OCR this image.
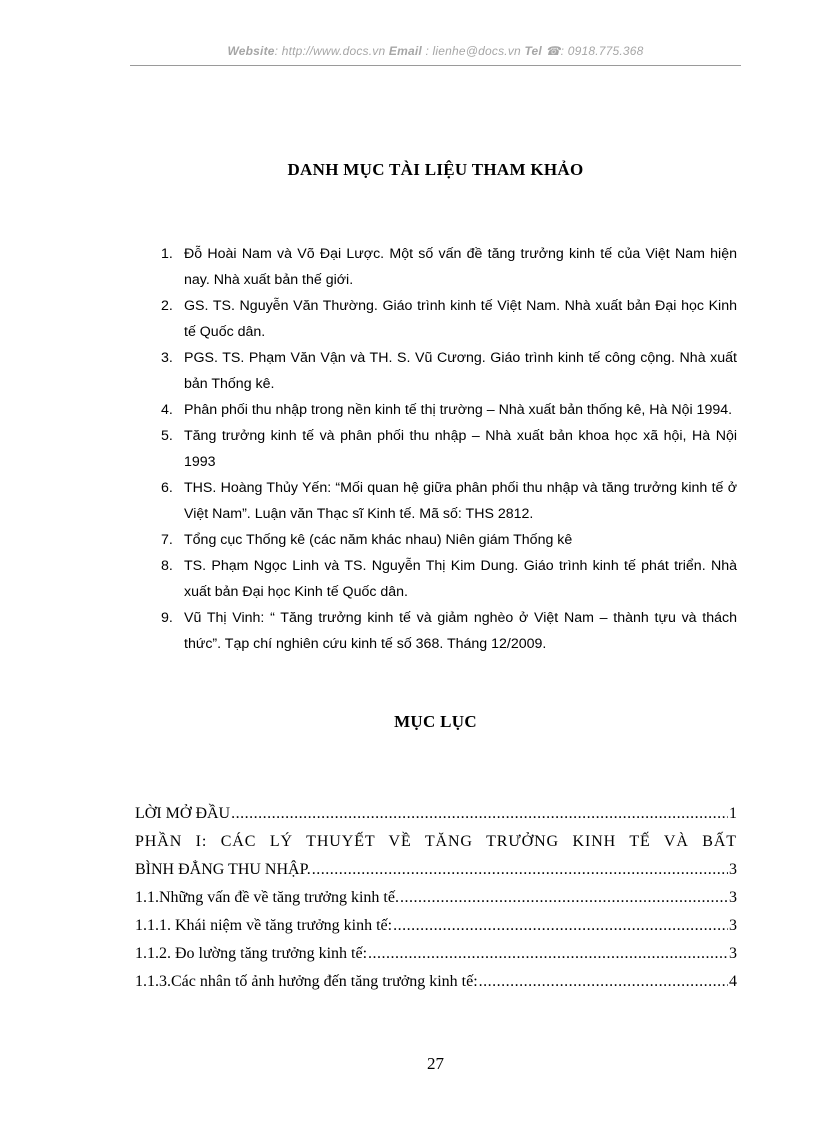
Website: http://www.docs.vn Email : lienhe@docs.vn Tel ☎: 0918.775.368
DANH MỤC TÀI LIỆU THAM KHẢO
1. Đỗ Hoài Nam và Võ Đại Lược. Một số vấn đề tăng trưởng kinh tế của Việt Nam hiện nay. Nhà xuất bản thế giới.
2. GS. TS. Nguyễn Văn Thường. Giáo trình kinh tế Việt Nam. Nhà xuất bản Đại học Kinh tế Quốc dân.
3. PGS. TS. Phạm Văn Vận và TH. S. Vũ Cương. Giáo trình kinh tế công cộng. Nhà xuất bản Thống kê.
4. Phân phối thu nhập trong nền kinh tế thị trường – Nhà xuất bản thống kê, Hà Nội 1994.
5. Tăng trưởng kinh tế và phân phối thu nhập – Nhà xuất bản khoa học xã hội, Hà Nội 1993
6. THS. Hoàng Thủy Yến: “Mối quan hệ giữa phân phối thu nhập và tăng trưởng kinh tế ở Việt Nam”. Luận văn Thạc sĩ Kinh tế. Mã số: THS 2812.
7. Tổng cục Thống kê (các năm khác nhau) Niên giám Thống kê
8. TS. Phạm Ngọc Linh và TS. Nguyễn Thị Kim Dung. Giáo trình kinh tế phát triển. Nhà xuất bản Đại học Kinh tế Quốc dân.
9. Vũ Thị Vinh: “ Tăng trưởng kinh tế và giảm nghèo ở Việt Nam – thành tựu và thách thức”. Tạp chí nghiên cứu kinh tế số 368. Tháng 12/2009.
MỤC LỤC
LỜI MỞ ĐẦU .....	1
PHẦN I: CÁC LÝ THUYẾT VỀ TĂNG TRƯỞNG KINH TẾ VÀ BẤT
BÌNH ĐẲNG THU NHẬP. .....	3
1.1.Những vấn đề về tăng trưởng kinh tế. .....	3
1.1.1. Khái niệm về tăng trưởng kinh tế: .....	3
1.1.2. Đo lường tăng trưởng kinh tế: .....	3
1.1.3.Các nhân tố ảnh hưởng đến tăng trưởng kinh tế: .....	4
27
